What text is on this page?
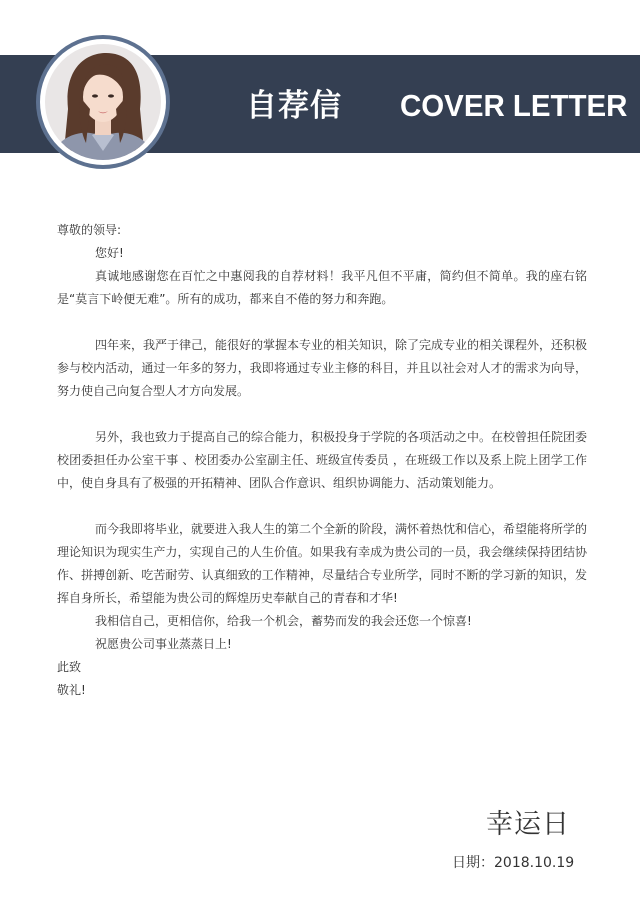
自荐信 COVER LETTER

尊敬的领导:

您好!

真诚地感谢您在百忙之中惠阅我的自荐材料！我平凡但不平庸，简约但不简单。我的座右铭是“莫言下岭便无难”。所有的成功，都来自不倦的努力和奔跑。

四年来，我严于律己，能很好的掌握本专业的相关知识，除了完成专业的相关课程外，还积极参与校内活动，通过一年多的努力，我即将通过专业主修的科目，并且以社会对人才的需求为向导，努力使自己向复合型人才方向发展。

另外，我也致力于提高自己的综合能力，积极投身于学院的各项活动之中。在校曾担任院团委校团委担任办公室干事 、校团委办公室副主任、班级宣传委员 ，在班级工作以及系上院上团学工作中，使自身具有了极强的开拓精神、团队合作意识、组织协调能力、活动策划能力。

而今我即将毕业，就要进入我人生的第二个全新的阶段，满怀着热忱和信心，希望能将所学的理论知识为现实生产力，实现自己的人生价值。如果我有幸成为贵公司的一员，我会继续保持团结协作、拼搏创新、吃苦耐劳、认真细致的工作精神，尽量结合专业所学，同时不断的学习新的知识，发挥自身所长，希望能为贵公司的辉煌历史奉献自己的青春和才华!

我相信自己，更相信你，给我一个机会，蓄势而发的我会还您一个惊喜!

祝愿贵公司事业蒸蒸日上!

此致

敬礼!

幸运日
日期：2018.10.19
